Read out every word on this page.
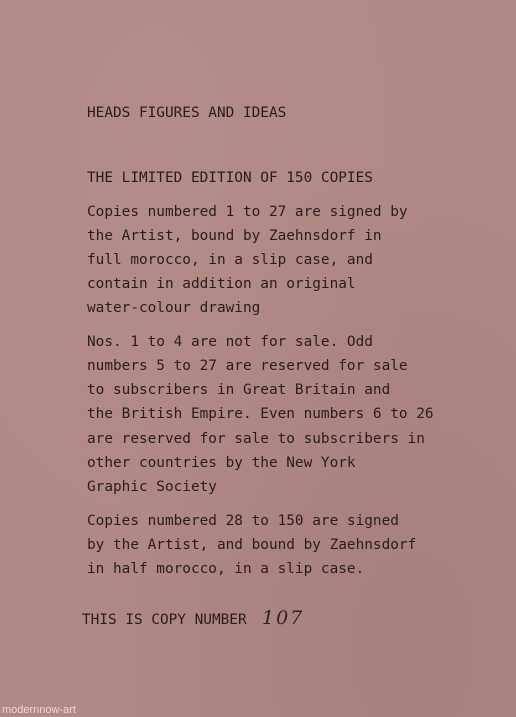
HEADS FIGURES AND IDEAS
THE LIMITED EDITION OF 150 COPIES
Copies numbered 1 to 27 are signed by
the Artist, bound by Zaehnsdorf in
full morocco, in a slip case, and
contain in addition an original
water-colour drawing
Nos. 1 to 4 are not for sale. Odd
numbers 5 to 27 are reserved for sale
to subscribers in Great Britain and
the British Empire. Even numbers 6 to 26
are reserved for sale to subscribers in
other countries by the New York
Graphic Society
Copies numbered 28 to 150 are signed
by the Artist, and bound by Zaehnsdorf
in half morocco, in a slip case.
THIS IS COPY NUMBER 107
modernnow-art
